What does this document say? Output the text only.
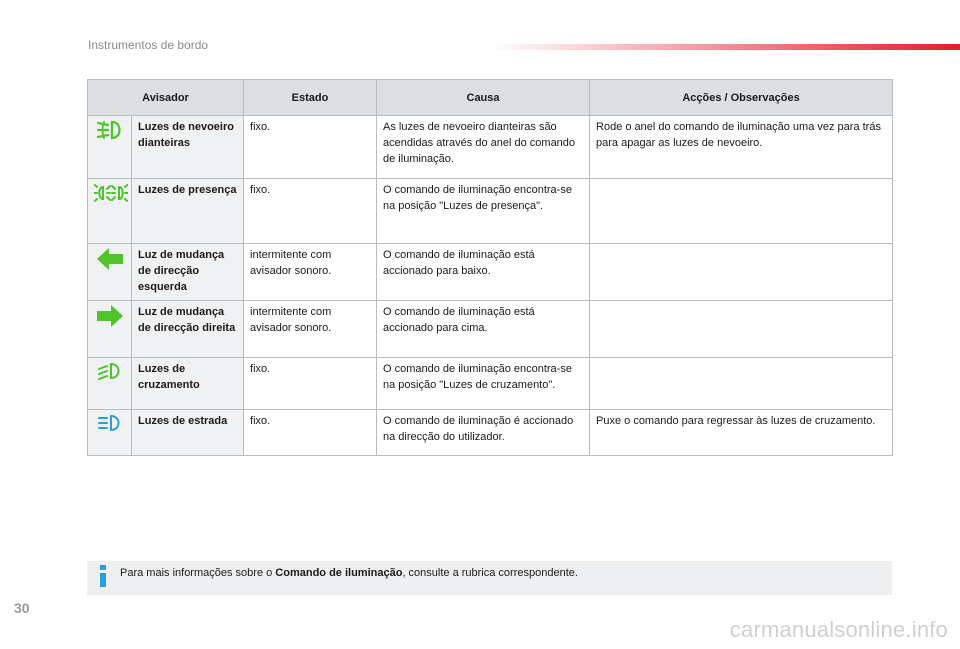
Instrumentos de bordo
Avisador		Estado	Causa	Acções / Observações
	Luzes de nevoeiro dianteiras	fixo.	As luzes de nevoeiro dianteiras são acendidas através do anel do comando de iluminação.	Rode o anel do comando de iluminação uma vez para trás para apagar as luzes de nevoeiro.
	Luzes de presença	fixo.	O comando de iluminação encontra-se na posição "Luzes de presença".	
	Luz de mudança de direcção esquerda	intermitente com avisador sonoro.	O comando de iluminação está accionado para baixo.	
	Luz de mudança de direcção direita	intermitente com avisador sonoro.	O comando de iluminação está accionado para cima.	
	Luzes de cruzamento	fixo.	O comando de iluminação encontra-se na posição "Luzes de cruzamento".	
	Luzes de estrada	fixo.	O comando de iluminação é accionado na direcção do utilizador.	Puxe o comando para regressar às luzes de cruzamento.
Para mais informações sobre o Comando de iluminação, consulte a rubrica correspondente.
30
carmanualsonline.info
